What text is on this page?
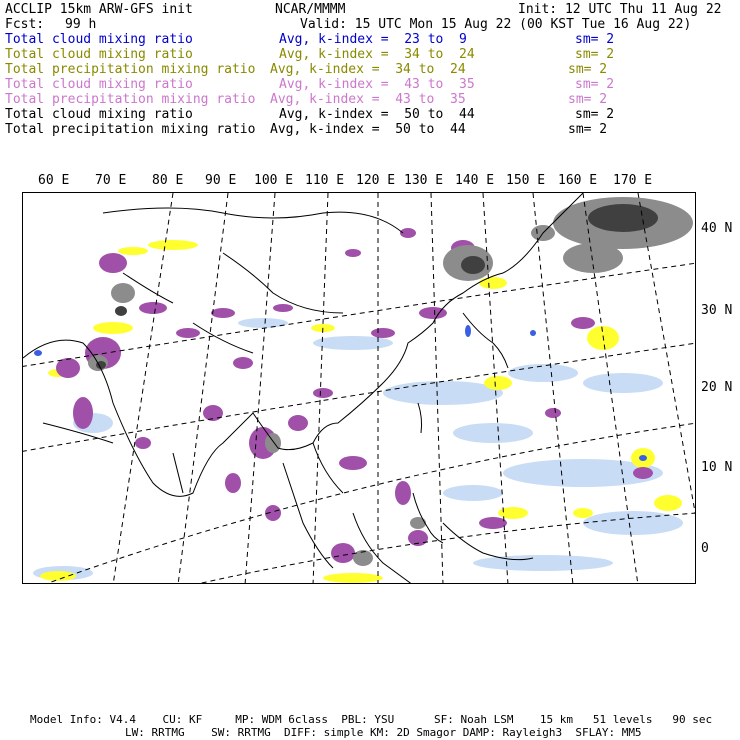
ACCLIP 15km ARW-GFS init	NCAR/MMMM	Init: 12 UTC Thu 11 Aug 22
Fcst: 99 h	Valid: 15 UTC Mon 15 Aug 22 (00 KST Tue 16 Aug 22)
Total cloud mixing ratio	Avg, k-index =  23 to  9	sm= 2
Total cloud mixing ratio	Avg, k-index =  34 to  24	sm= 2
Total precipitation mixing ratio Avg, k-index =  34 to  24	sm= 2
Total cloud mixing ratio	Avg, k-index =  43 to  35	sm= 2
Total precipitation mixing ratio Avg, k-index =  43 to  35	sm= 2
Total cloud mixing ratio	Avg, k-index =  50 to  44	sm= 2
Total precipitation mixing ratio Avg, k-index =  50 to  44	sm= 2
60 E 70 E 80 E 90 E 100 E 110 E 120 E 130 E 140 E 150 E 160 E 170 E
40 N
30 N
20 N
10 N
0
Model Info: V4.4    CU: KF     MP: WDM 6class  PBL: YSU      SF: Noah LSM    15 km   51 levels   90 sec
LW: RRTMG    SW: RRTMG  DIFF: simple KM: 2D Smagor DAMP: Rayleigh3  SFLAY: MM5
